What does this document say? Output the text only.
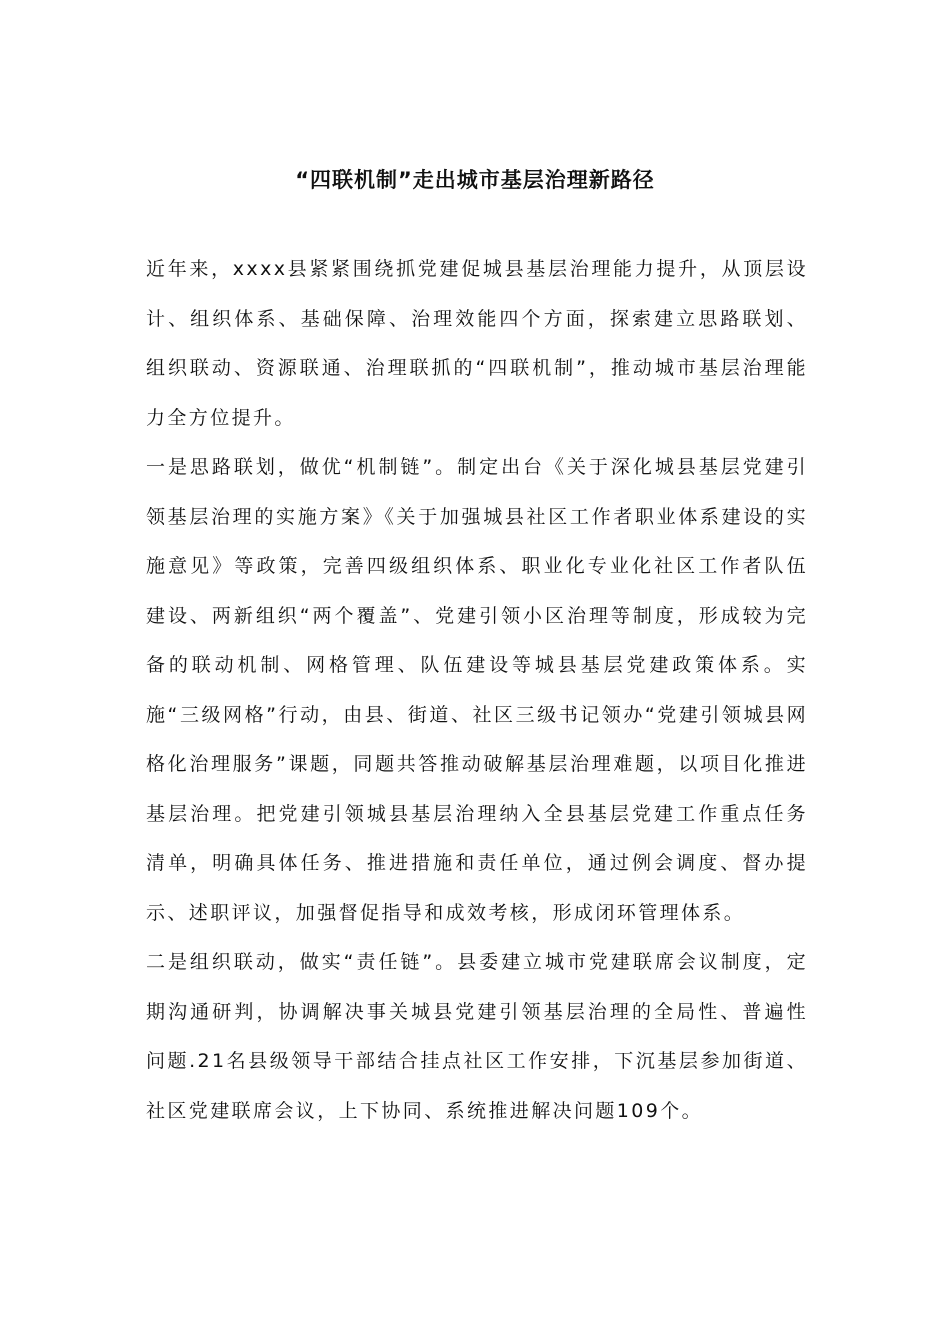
“四联机制”走出城市基层治理新路径

近年来，xxxx县紧紧围绕抓党建促城县基层治理能力提升，从顶层设计、组织体系、基础保障、治理效能四个方面，探索建立思路联划、组织联动、资源联通、治理联抓的“四联机制”，推动城市基层治理能力全方位提升。

一是思路联划，做优“机制链”。制定出台《关于深化城县基层党建引领基层治理的实施方案》《关于加强城县社区工作者职业体系建设的实施意见》等政策，完善四级组织体系、职业化专业化社区工作者队伍建设、两新组织“两个覆盖”、党建引领小区治理等制度，形成较为完备的联动机制、网格管理、队伍建设等城县基层党建政策体系。实施“三级网格”行动，由县、街道、社区三级书记领办“党建引领城县网格化治理服务”课题，同题共答推动破解基层治理难题，以项目化推进基层治理。把党建引领城县基层治理纳入全县基层党建工作重点任务清单，明确具体任务、推进措施和责任单位，通过例会调度、督办提示、述职评议，加强督促指导和成效考核，形成闭环管理体系。

二是组织联动，做实“责任链”。县委建立城市党建联席会议制度，定期沟通研判，协调解决事关城县党建引领基层治理的全局性、普遍性问题.21名县级领导干部结合挂点社区工作安排，下沉基层参加街道、社区党建联席会议，上下协同、系统推进解决问题109个。
